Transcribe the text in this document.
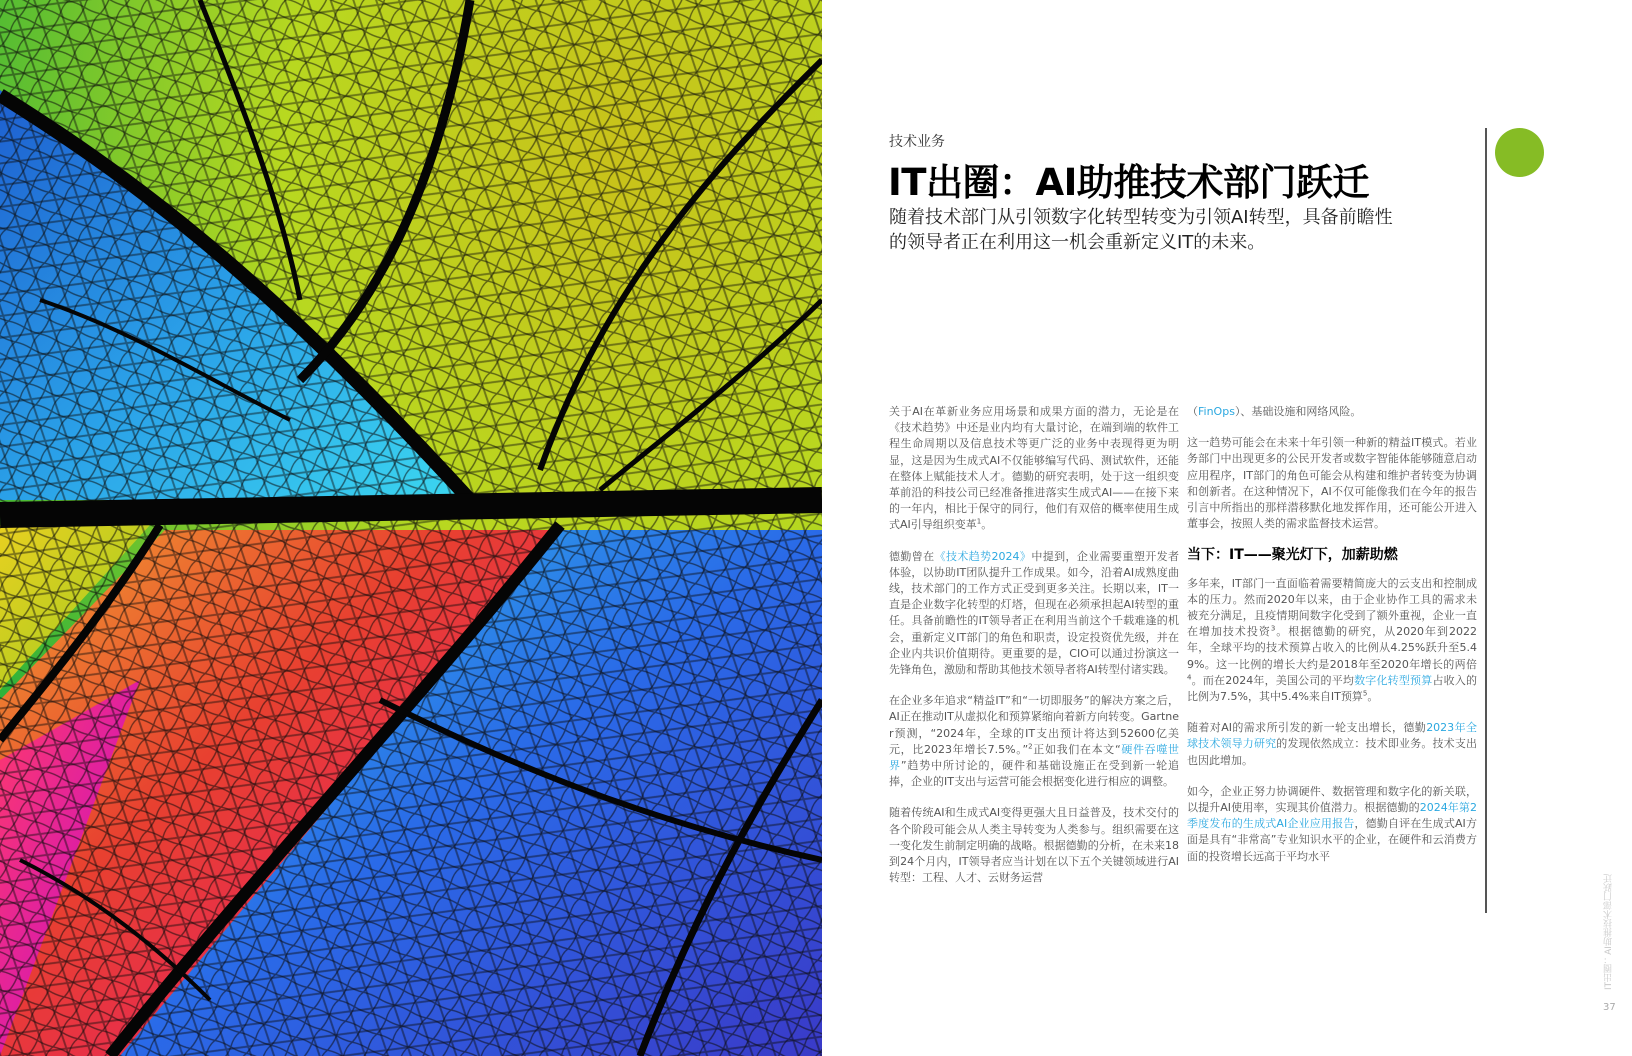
技术业务
IT出圈：AI助推技术部门跃迁
随着技术部门从引领数字化转型转变为引领AI转型，具备前瞻性的领导者正在利用这一机会重新定义IT的未来。

关于AI在革新业务应用场景和成果方面的潜力，无论是在《技术趋势》中还是业内均有大量讨论，在端到端的软件工程生命周期以及信息技术等更广泛的业务中表现得更为明显，这是因为生成式AI不仅能够编写代码、测试软件，还能在整体上赋能技术人才。德勤的研究表明，处于这一组织变革前沿的科技公司已经准备推进落实生成式AI——在接下来的一年内，相比于保守的同行，他们有双倍的概率使用生成式AI引导组织变革$^1$。

德勤曾在《技术趋势2024》中提到，企业需要重塑开发者体验，以协助IT团队提升工作成果。如今，沿着AI成熟度曲线，技术部门的工作方式正受到更多关注。长期以来，IT一直是企业数字化转型的灯塔，但现在必须承担起AI转型的重任。具备前瞻性的IT领导者正在利用当前这个千载难逢的机会，重新定义IT部门的角色和职责，设定投资优先级，并在企业内共识价值期待。更重要的是，CIO可以通过扮演这一先锋角色，激励和帮助其他技术领导者将AI转型付诸实践。

在企业多年追求“精益IT”和“一切即服务”的解决方案之后，AI正在推动IT从虚拟化和预算紧缩向着新方向转变。Gartner预测，“2024年，全球的IT支出预计将达到52600亿美元，比2023年增长7.5%。”$^2$正如我们在本文“硬件吞噬世界”趋势中所讨论的，硬件和基础设施正在受到新一轮追捧，企业的IT支出与运营可能会根据变化进行相应的调整。

随着传统AI和生成式AI变得更强大且日益普及，技术交付的各个阶段可能会从人类主导转变为人类参与。组织需要在这一变化发生前制定明确的战略。根据德勤的分析，在未来18到24个月内，IT领导者应当计划在以下五个关键领域进行AI转型：工程、人才、云财务运营

（FinOps）、基础设施和网络风险。

这一趋势可能会在未来十年引领一种新的精益IT模式。若业务部门中出现更多的公民开发者或数字智能体能够随意启动应用程序，IT部门的角色可能会从构建和维护者转变为协调和创新者。在这种情况下，AI不仅可能像我们在今年的报告引言中所指出的那样潜移默化地发挥作用，还可能公开进入董事会，按照人类的需求监督技术运营。

当下：IT——聚光灯下，加薪助燃

多年来，IT部门一直面临着需要精简庞大的云支出和控制成本的压力。然而2020年以来，由于企业协作工具的需求未被充分满足，且疫情期间数字化受到了额外重视，企业一直在增加技术投资$^3$。根据德勤的研究，从2020年到2022年，全球平均的技术预算占收入的比例从4.25%跃升至5.49%。这一比例的增长大约是2018年至2020年增长的两倍$^4$。而在2024年，美国公司的平均数字化转型预算占收入的比例为7.5%，其中5.4%来自IT预算$^5$。

随着对AI的需求所引发的新一轮支出增长，德勤2023年全球技术领导力研究的发现依然成立：技术即业务。技术支出也因此增加。

如今，企业正努力协调硬件、数据管理和数字化的新关联，以提升AI使用率，实现其价值潜力。根据德勤的2024年第2季度发布的生成式AI企业应用报告，德勤自评在生成式AI方面是具有“非常高”专业知识水平的企业，在硬件和云消费方面的投资增长远高于平均水平

IT出圈：AI助推技术部门跃迁
37
